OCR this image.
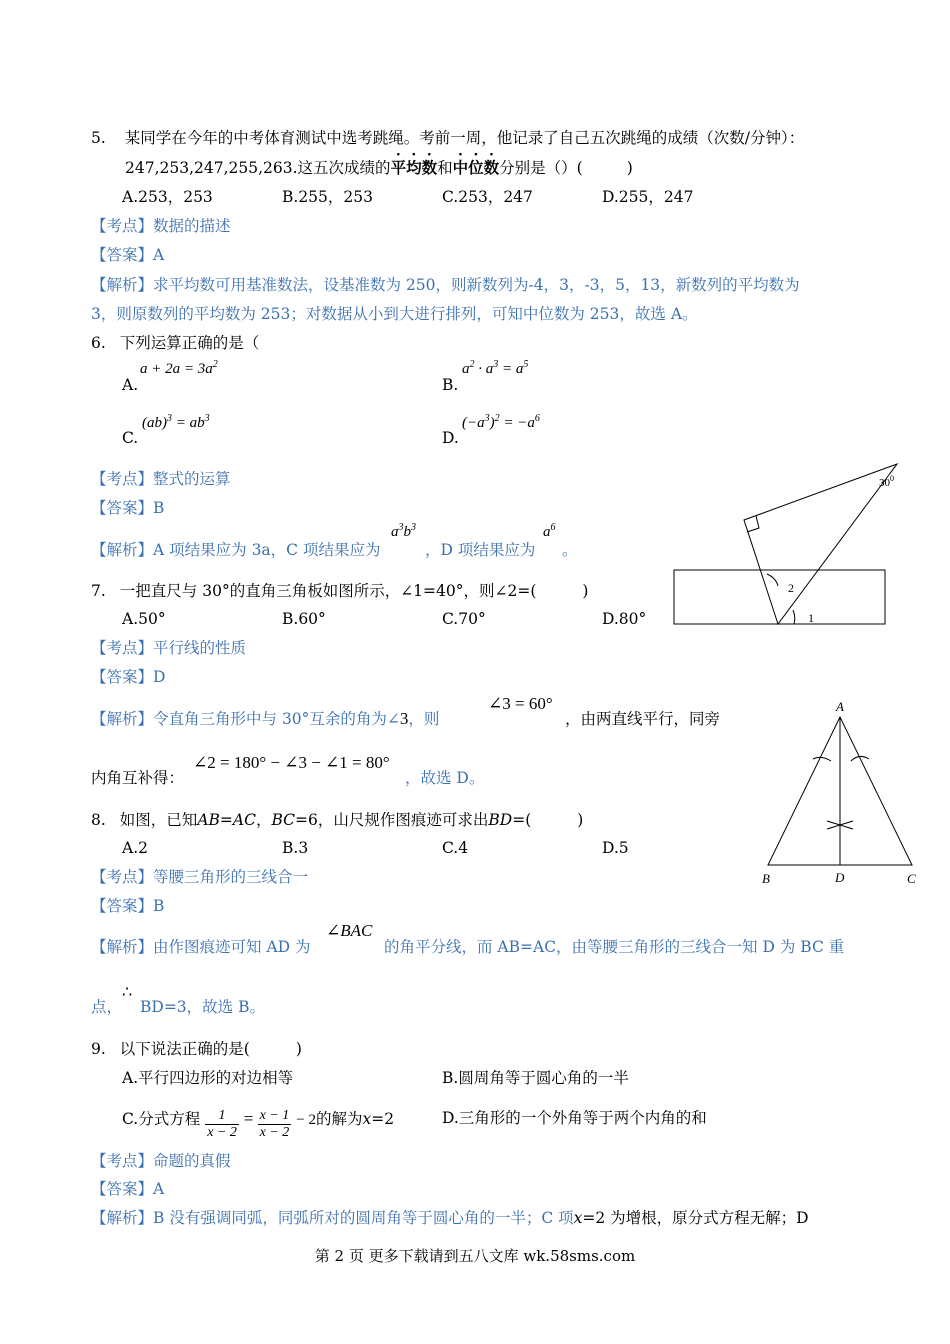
5. 某同学在今年的中考体育测试中选考跳绳。考前一周，他记录了自己五次跳绳的成绩（次数/分钟）：
247,253,247,255,263.这五次成绩的平均数和中位数分别是（）(	)
A.253，253	B.255，253	C.253，247	D.255，247
【考点】数据的描述
【答案】A
【解析】求平均数可用基准数法，设基准数为 250，则新数列为-4，3，-3，5，13，新数列的平均数为
3，则原数列的平均数为 253；对数据从小到大进行排列，可知中位数为 253，故选 A。
6. 下列运算正确的是（
A.
$a + 2a = 3a^2$
B.
$a^2 \cdot a^3 = a^5$
C.
$(ab)^3 = ab^3$
D.
$(-a^3)^2 = -a^6$
【考点】整式的运算
【答案】B
【解析】A 项结果应为 3a，C 项结果应为
$a^3b^3$
，D 项结果应为
$a^6$
。
$30^0$
2
1
7. 一把直尺与 30°的直角三角板如图所示，∠1=40°，则∠2=(	)
A.50°	B.60°	C.70°	D.80°
【考点】平行线的性质
【答案】D
【解析】令直角三角形中与 30°互余的角为∠3，则
∠3 = 60°
，由两直线平行，同旁
内角互补得：
∠2 = 180° − ∠3 − ∠1 = 80°
，故选 D。
A
B	D	C
8. 如图，已知AB=AC，BC=6，山尺规作图痕迹可求出BD=(	)
A.2	B.3	C.4	D.5
【考点】等腰三角形的三线合一
【答案】B
【解析】由作图痕迹可知 AD 为
∠BAC
的角平分线，而 AB=AC，由等腰三角形的三线合一知 D 为 BC 重
点，
∴
BD=3，故选 B。
9. 以下说法正确的是(	)
A.平行四边形的对边相等	B.圆周角等于圆心角的一半
C.分式方程 $\frac{1}{x - 2} = \frac{x - 1}{x - 2} - 2$的解为x=2	D.三角形的一个外角等于两个内角的和
【考点】命题的真假
【答案】A
【解析】B 没有强调同弧，同弧所对的圆周角等于圆心角的一半；C 项x=2 为增根，原分式方程无解；D
第 2 页 更多下载请到五八文库 wk.58sms.com
